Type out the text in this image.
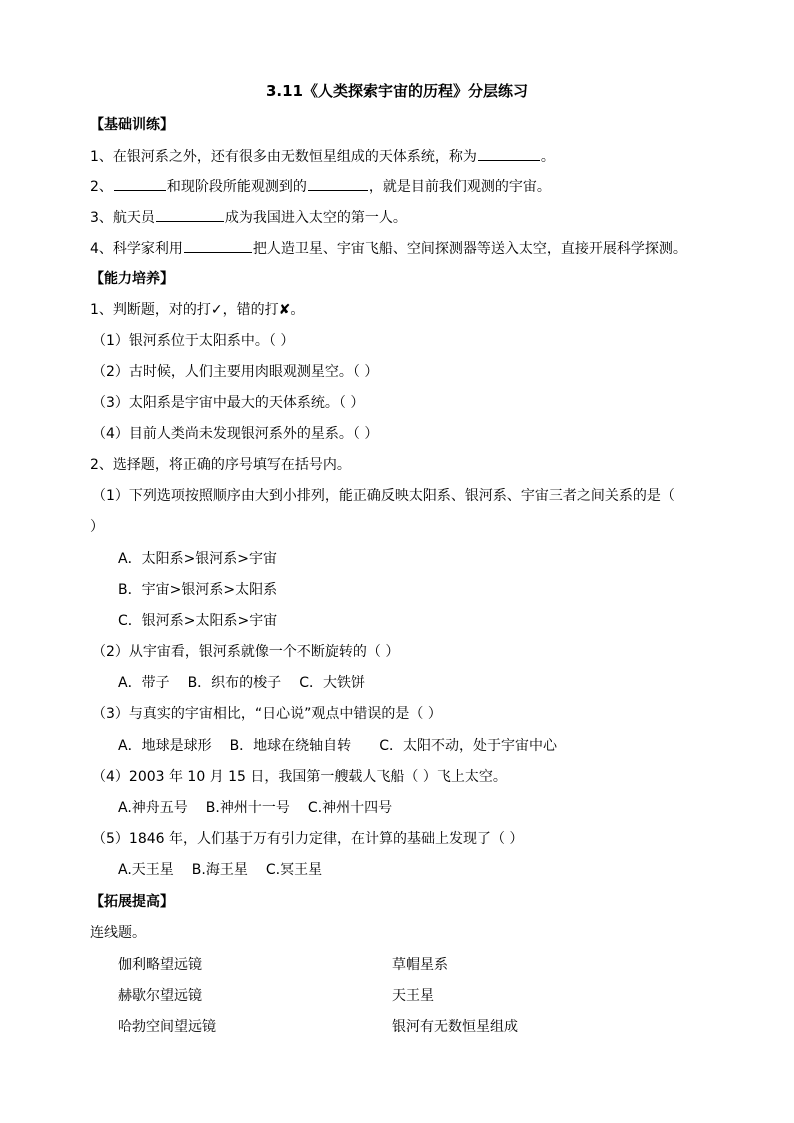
3.11《人类探索宇宙的历程》分层练习
【基础训练】
1、在银河系之外，还有很多由无数恒星组成的天体系统，称为	。
2、	和现阶段所能观测到的	，就是目前我们观测的宇宙。
3、航天员	成为我国进入太空的第一人。
4、科学家利用	把人造卫星、宇宙飞船、空间探测器等送入太空，直接开展科学探测。
【能力培养】
1、判断题，对的打✓，错的打✘。
（1）银河系位于太阳系中。（ ）
（2）古时候，人们主要用肉眼观测星空。（ ）
（3）太阳系是宇宙中最大的天体系统。（ ）
（4）目前人类尚未发现银河系外的星系。（ ）
2、选择题，将正确的序号填写在括号内。
（1）下列选项按照顺序由大到小排列，能正确反映太阳系、银河系、宇宙三者之间关系的是（
）
A．太阳系>银河系>宇宙
B．宇宙>银河系>太阳系
C．银河系>太阳系>宇宙
（2）从宇宙看，银河系就像一个不断旋转的（ ）
A．带子 B．织布的梭子 C．大铁饼
（3）与真实的宇宙相比，“日心说”观点中错误的是（ ）
A．地球是球形 B．地球在绕轴自转 C．太阳不动，处于宇宙中心
（4）2003 年 10 月 15 日，我国第一艘载人飞船（ ）飞上太空。
A.神舟五号 B.神州十一号 C.神州十四号
（5）1846 年，人们基于万有引力定律，在计算的基础上发现了（ ）
A.天王星 B.海王星 C.冥王星
【拓展提高】
连线题。
伽利略望远镜	草帽星系
赫歇尔望远镜	天王星
哈勃空间望远镜	银河有无数恒星组成
